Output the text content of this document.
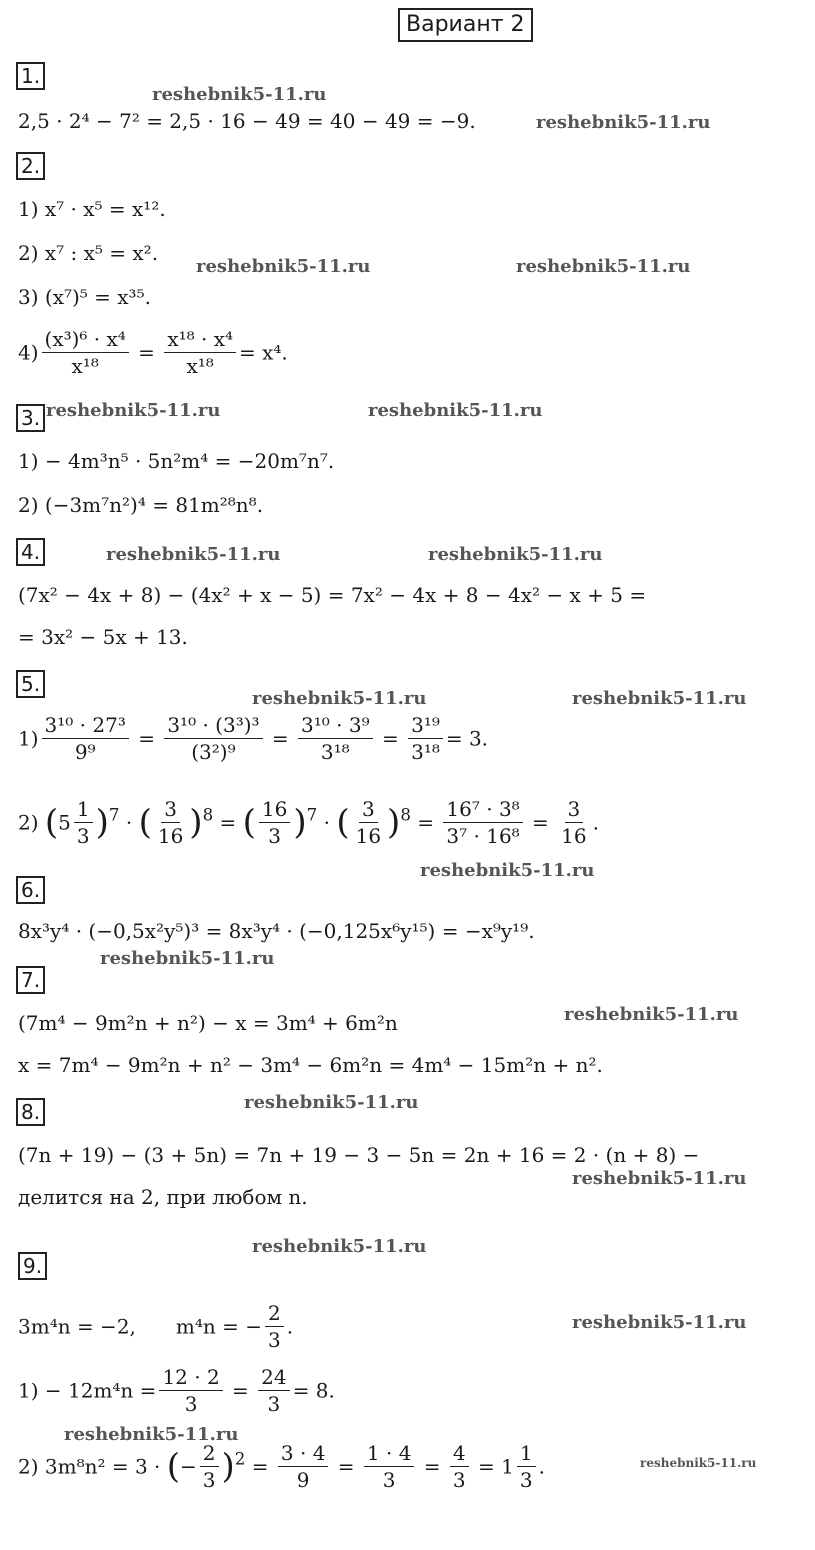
Вариант 2
1.
2,5 · 2⁴ − 7² = 2,5 · 16 − 49 = 40 − 49 = −9.
2.
1) x⁷ · x⁵ = x¹².
2) x⁷ : x⁵ = x².
3) (x⁷)⁵ = x³⁵.
$4) \frac{\text{(x³)⁶ · x⁴}}{\text{x¹⁸}} = \frac{\text{x¹⁸ · x⁴}}{\text{x¹⁸}} = x^4$.
3.
1) − 4m³n⁵ · 5n²m⁴ = −20m⁷n⁷.
2) (−3m⁷n²)⁴ = 81m²⁸n⁸.
4.
(7x² − 4x + 8) − (4x² + x − 5) = 7x² − 4x + 8 − 4x² − x + 5 =
= 3x² − 5x + 13.
5.
$1) \frac{\text{3¹⁰ · 27³}}{\text{9⁹}} = \frac{\text{3¹⁰ · (3³)³}}{\text{(3²)⁹}} = \frac{\text{3¹⁰ · 3⁹}}{\text{3¹⁸}} = \frac{\text{3¹⁹}}{\text{3¹⁸}} = 3$.
2) $(5 \frac{1}{3} )^7$ · ( $\frac{3}{16} )^8$ = ( $\frac{16}{3} )^7$ · ( $\frac{3}{16} )^8 = \frac{\text{16⁷ · 3⁸}}{\text{3⁷ · 16⁸}} = \frac{3}{16}$ .
6.
8x³y⁴ · (−0,5x²y⁵)³ = 8x³y⁴ · (−0,125x⁶y¹⁵) = −x⁹y¹⁹.
7.
(7m⁴ − 9m²n + n²) − x = 3m⁴ + 6m²n
x = 7m⁴ − 9m²n + n² − 3m⁴ − 6m²n = 4m⁴ − 15m²n + n².
8.
(7n + 19) − (3 + 5n) = 7n + 19 − 3 − 5n = 2n + 16 = 2 · (n + 8) −
делится на 2, при любом n.
9.
3m⁴n = −2, m⁴n = − $\frac{2}{3}$ .
$1) - 12m^4n = \frac{12 \cdot 2}{3} = \frac{24}{3} = 8$.
2) 3m⁸n² = 3 · (− $\frac{2}{3} )^2 = \frac{3 \cdot 4}{9} = \frac{1 \cdot 4}{3} = \frac{4}{3} = 1 \frac{1}{3}$ .
reshebnik5-11.ru
reshebnik5-11.ru
reshebnik5-11.ru	reshebnik5-11.ru
reshebnik5-11.ru	reshebnik5-11.ru
reshebnik5-11.ru	reshebnik5-11.ru
reshebnik5-11.ru	reshebnik5-11.ru
reshebnik5-11.ru
reshebnik5-11.ru
reshebnik5-11.ru
reshebnik5-11.ru
reshebnik5-11.ru
reshebnik5-11.ru
reshebnik5-11.ru
reshebnik5-11.ru
reshebnik5-11.ru
